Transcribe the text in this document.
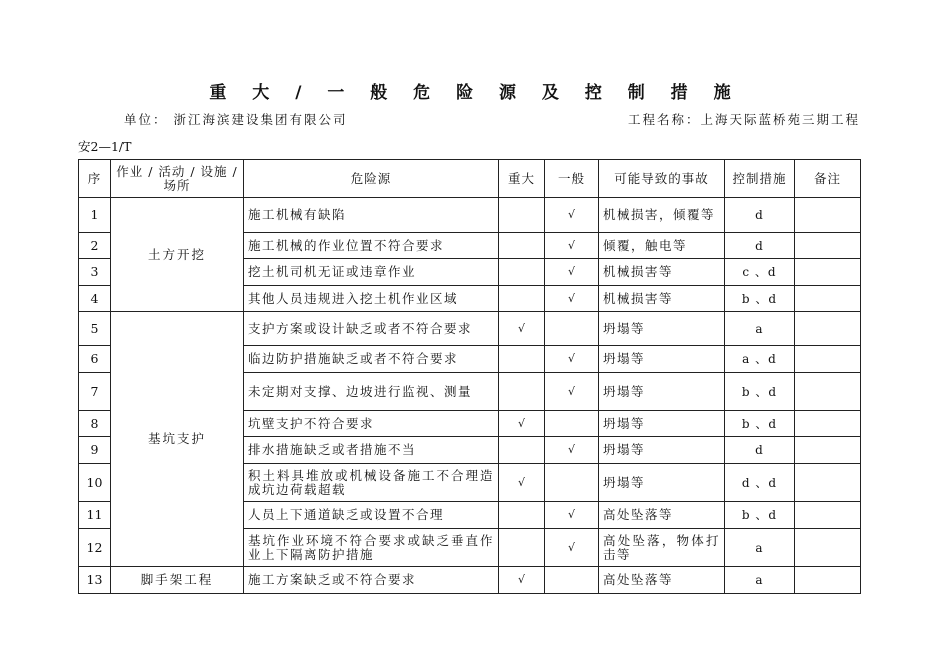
重 大 / 一 般 危 险 源 及 控 制 措 施
单位： 浙江海滨建设集团有限公司	工程名称：上海天际蓝桥苑三期工程
安2—1/T
序	作业 / 活动 / 设施 / 场所	危险源	重大	一般	可能导致的事故	控制措施	备注
1	土方开挖	施工机械有缺陷		√	机械损害，倾覆等	d	
2		施工机械的作业位置不符合要求		√	倾覆，触电等	d	
3		挖土机司机无证或违章作业		√	机械损害等	c 、d	
4		其他人员违规进入挖土机作业区域		√	机械损害等	b 、d	
5	基坑支护	支护方案或设计缺乏或者不符合要求	√		坍塌等	a	
6		临边防护措施缺乏或者不符合要求		√	坍塌等	a 、d	
7		未定期对支撑、边坡进行监视、测量		√	坍塌等	b 、d	
8		坑壁支护不符合要求	√		坍塌等	b 、d	
9		排水措施缺乏或者措施不当		√	坍塌等	d	
10		积土料具堆放或机械设备施工不合理造成坑边荷载超载	√		坍塌等	d 、d	
11		人员上下通道缺乏或设置不合理		√	高处坠落等	b 、d	
12		基坑作业环境不符合要求或缺乏垂直作业上下隔离防护措施		√	高处坠落，物体打击等	a	
13	脚手架工程	施工方案缺乏或不符合要求	√		高处坠落等	a	
